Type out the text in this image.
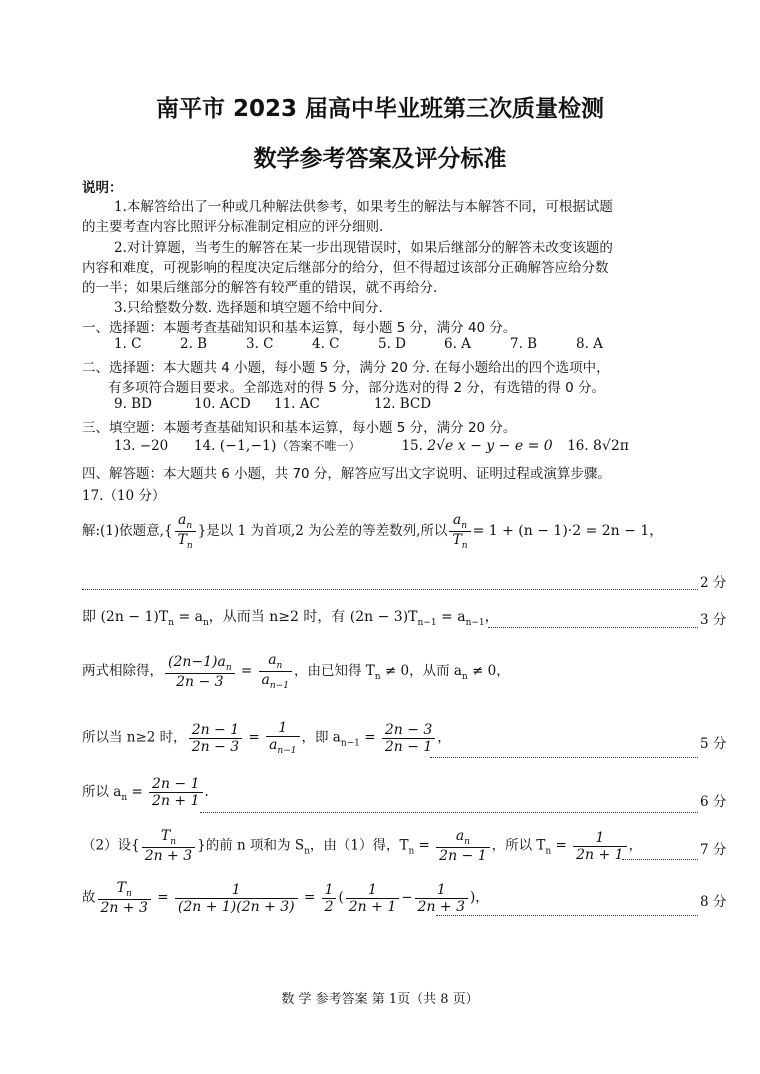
南平市 2023 届高中毕业班第三次质量检测
数学参考答案及评分标准
说明：
1.本解答给出了一种或几种解法供参考，如果考生的解法与本解答不同，可根据试题
的主要考查内容比照评分标准制定相应的评分细则.
2.对计算题，当考生的解答在某一步出现错误时，如果后继部分的解答未改变该题的
内容和难度，可视影响的程度决定后继部分的给分，但不得超过该部分正确解答应给分数
的一半；如果后继部分的解答有较严重的错误，就不再给分.
3.只给整数分数. 选择题和填空题不给中间分.
一、选择题：本题考查基础知识和基本运算，每小题 5 分，满分 40 分。
1. C	2. B	3. C	4. C	5. D	6. A	7. B	8. A
二、选择题：本大题共 4 小题，每小题 5 分，满分 20 分. 在每小题给出的四个选项中，
有多项符合题目要求。全部选对的得 5 分，部分选对的得 2 分，有选错的得 0 分。
9. BD	10. ACD 11. AC	12. BCD
三、填空题：本题考查基础知识和基本运算，每小题 5 分，满分 20 分。
13. −20 14. (−1,−1)（答案不唯一）	15. 2√e x − y − e = 0 16. 8√2π
四、解答题：本大题共 6 小题，共 70 分，解答应写出文字说明、证明过程或演算步骤。
17.（10 分）
解:(1)依题意,{ $\frac{a_n}{T_n}$ }是以 1 为首项,2 为公差的等差数列,所以 $\frac{a_n}{T_n} = 1 + (n - 1)\cdot 2 = 2n - 1$，
2 分
即 $(2n - 1)T_n = a_n$，从而当 n≥2 时，有 $(2n - 3)T_{n-1} = a_{n-1}$，	3 分
两式相除得， $\frac{(2n-1)a_n}{2n - 3} = \frac{a_n}{a_{n-1}}$ ，由已知得 $T_n \ne 0$，从而 $a_n \ne 0$，
所以当 n≥2 时， $\frac{2n - 1}{2n - 3} = \frac{1}{a_{n-1}}$ ，即 $a_{n-1} = \frac{2n - 3}{2n - 1}$ ，	5 分
所以 $a_n = \frac{2n - 1}{2n + 1}$ .
6 分
（2）设{ $\frac{T_n}{2n + 3}$ }的前 n 项和为 $S_n$，由（1）得，$T_n = \frac{a_n}{2n - 1}$ ，所以 $T_n = \frac{1}{2n + 1}$ ，	7 分
故 $\frac{T_n}{2n + 3} = \frac{1}{(2n + 1)(2n + 3)} = \frac{1}{2}$ ( $\frac{1}{2n + 1} - \frac{1}{2n + 3}$ )，	8 分
数 学 参考答案 第 1页（共 8 页）
